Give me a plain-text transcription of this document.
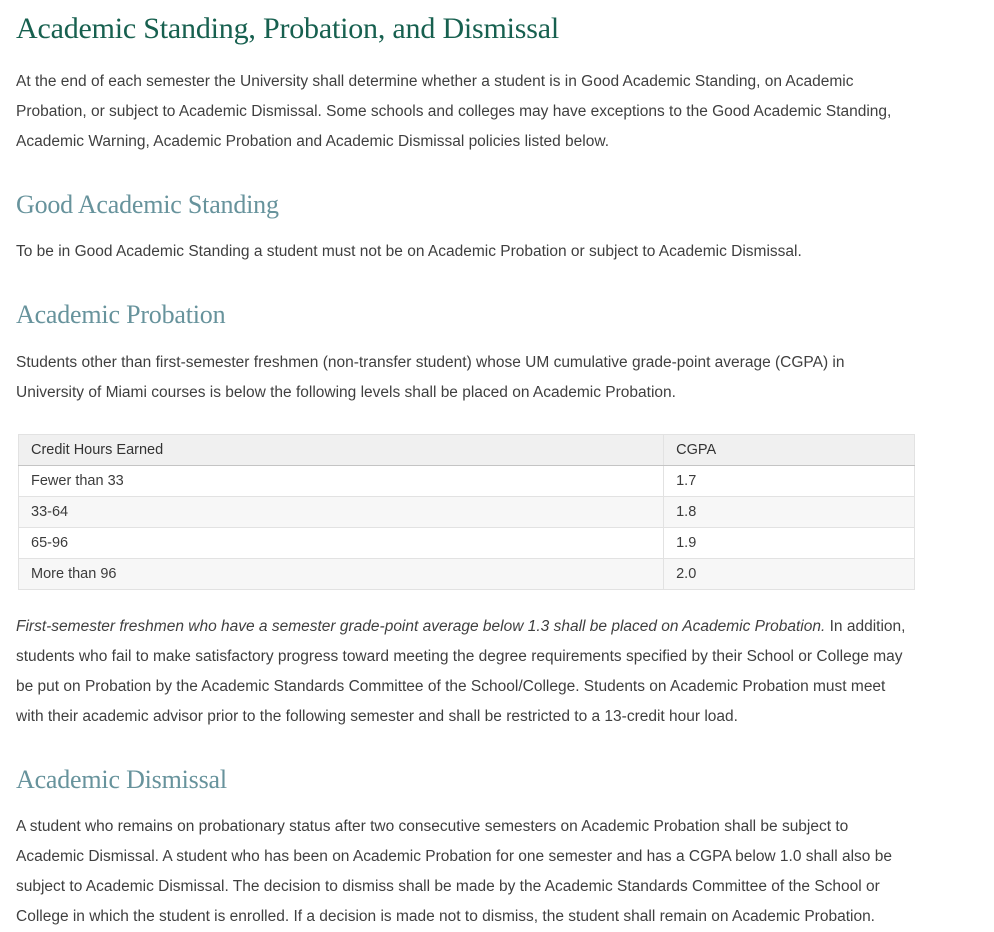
Academic Standing, Probation, and Dismissal

At the end of each semester the University shall determine whether a student is in Good Academic Standing, on Academic Probation, or subject to Academic Dismissal. Some schools and colleges may have exceptions to the Good Academic Standing, Academic Warning, Academic Probation and Academic Dismissal policies listed below.

Good Academic Standing

To be in Good Academic Standing a student must not be on Academic Probation or subject to Academic Dismissal.

Academic Probation

Students other than first-semester freshmen (non-transfer student) whose UM cumulative grade-point average (CGPA) in University of Miami courses is below the following levels shall be placed on Academic Probation.

Credit Hours Earned	CGPA
Fewer than 33	1.7
33-64	1.8
65-96	1.9
More than 96	2.0

First-semester freshmen who have a semester grade-point average below 1.3 shall be placed on Academic Probation. In addition, students who fail to make satisfactory progress toward meeting the degree requirements specified by their School or College may be put on Probation by the Academic Standards Committee of the School/College. Students on Academic Probation must meet with their academic advisor prior to the following semester and shall be restricted to a 13-credit hour load.

Academic Dismissal

A student who remains on probationary status after two consecutive semesters on Academic Probation shall be subject to Academic Dismissal. A student who has been on Academic Probation for one semester and has a CGPA below 1.0 shall also be subject to Academic Dismissal. The decision to dismiss shall be made by the Academic Standards Committee of the School or College in which the student is enrolled. If a decision is made not to dismiss, the student shall remain on Academic Probation.
